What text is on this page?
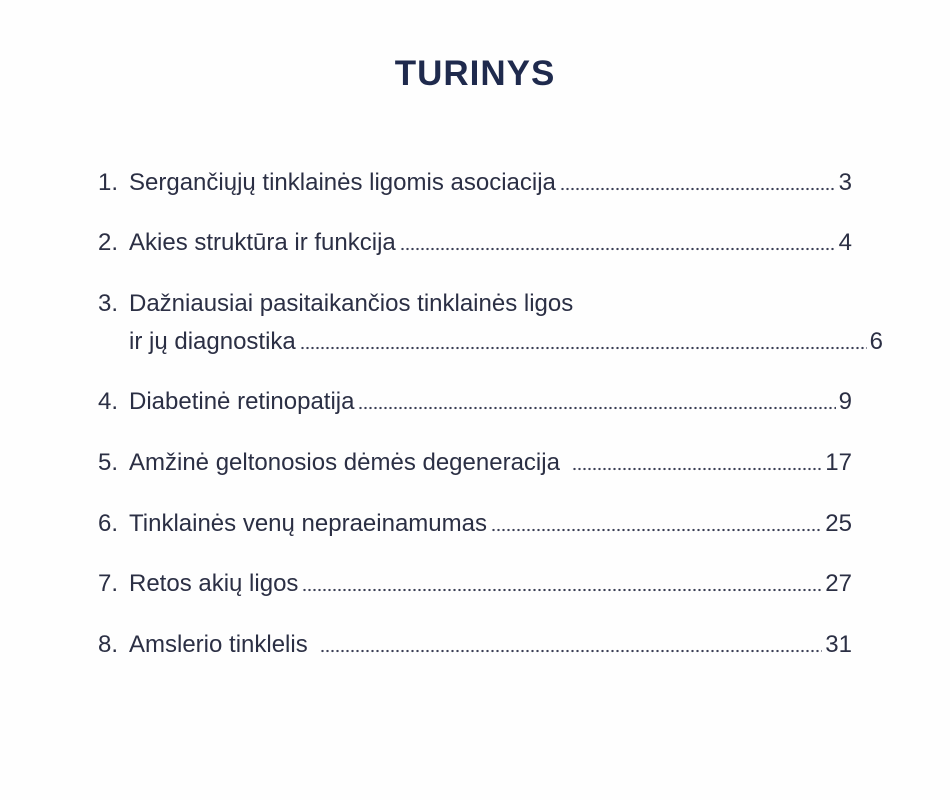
TURINYS
1. Sergančiųjų tinklainės ligomis asociacija	3
2. Akies struktūra ir funkcija	4
3. Dažniausiai pasitaikančios tinklainės ligos
ir jų diagnostika	6
4. Diabetinė retinopatija	9
5. Amžinė geltonosios dėmės degeneracija	17
6. Tinklainės venų nepraeinamumas	25
7. Retos akių ligos	27
8. Amslerio tinklelis	31
